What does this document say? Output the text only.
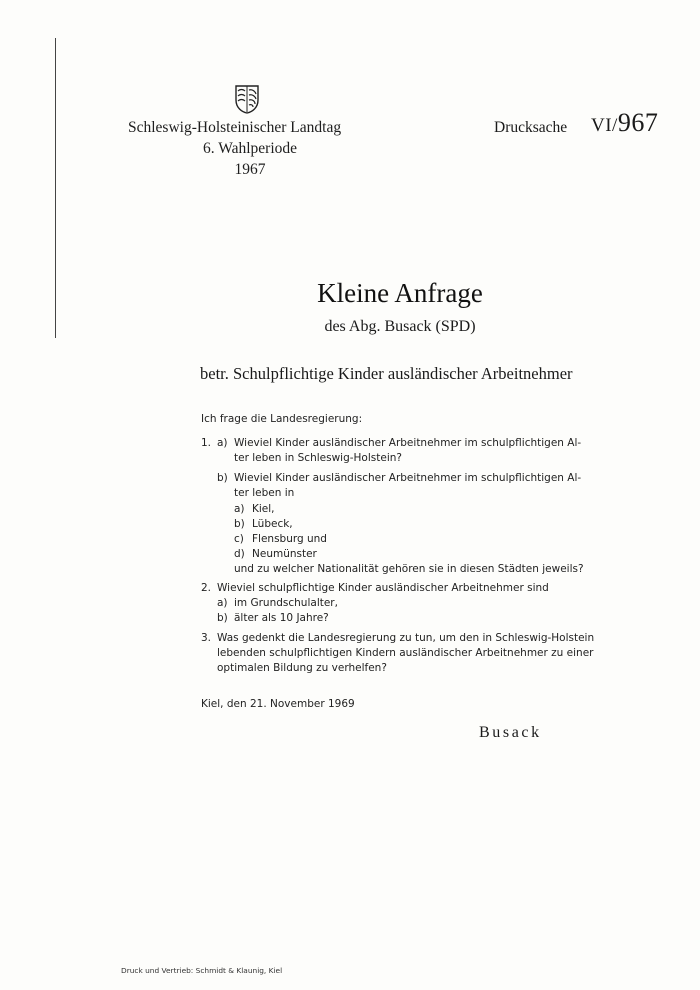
Schleswig-Holsteinischer Landtag
6. Wahlperiode
1967
Drucksache VI/967
Kleine Anfrage
des Abg. Busack (SPD)
betr. Schulpflichtige Kinder ausländischer Arbeitnehmer
Ich frage die Landesregierung:
1. a) Wieviel Kinder ausländischer Arbeitnehmer im schulpflichtigen Al-
ter leben in Schleswig-Holstein?
b) Wieviel Kinder ausländischer Arbeitnehmer im schulpflichtigen Al-
ter leben in
a) Kiel,
b) Lübeck,
c) Flensburg und
d) Neumünster
und zu welcher Nationalität gehören sie in diesen Städten jeweils?
2. Wieviel schulpflichtige Kinder ausländischer Arbeitnehmer sind
a) im Grundschulalter,
b) älter als 10 Jahre?
3. Was gedenkt die Landesregierung zu tun, um den in Schleswig-Holstein
lebenden schulpflichtigen Kindern ausländischer Arbeitnehmer zu einer
optimalen Bildung zu verhelfen?
Kiel, den 21. November 1969
Busack
Druck und Vertrieb: Schmidt & Klaunig, Kiel
